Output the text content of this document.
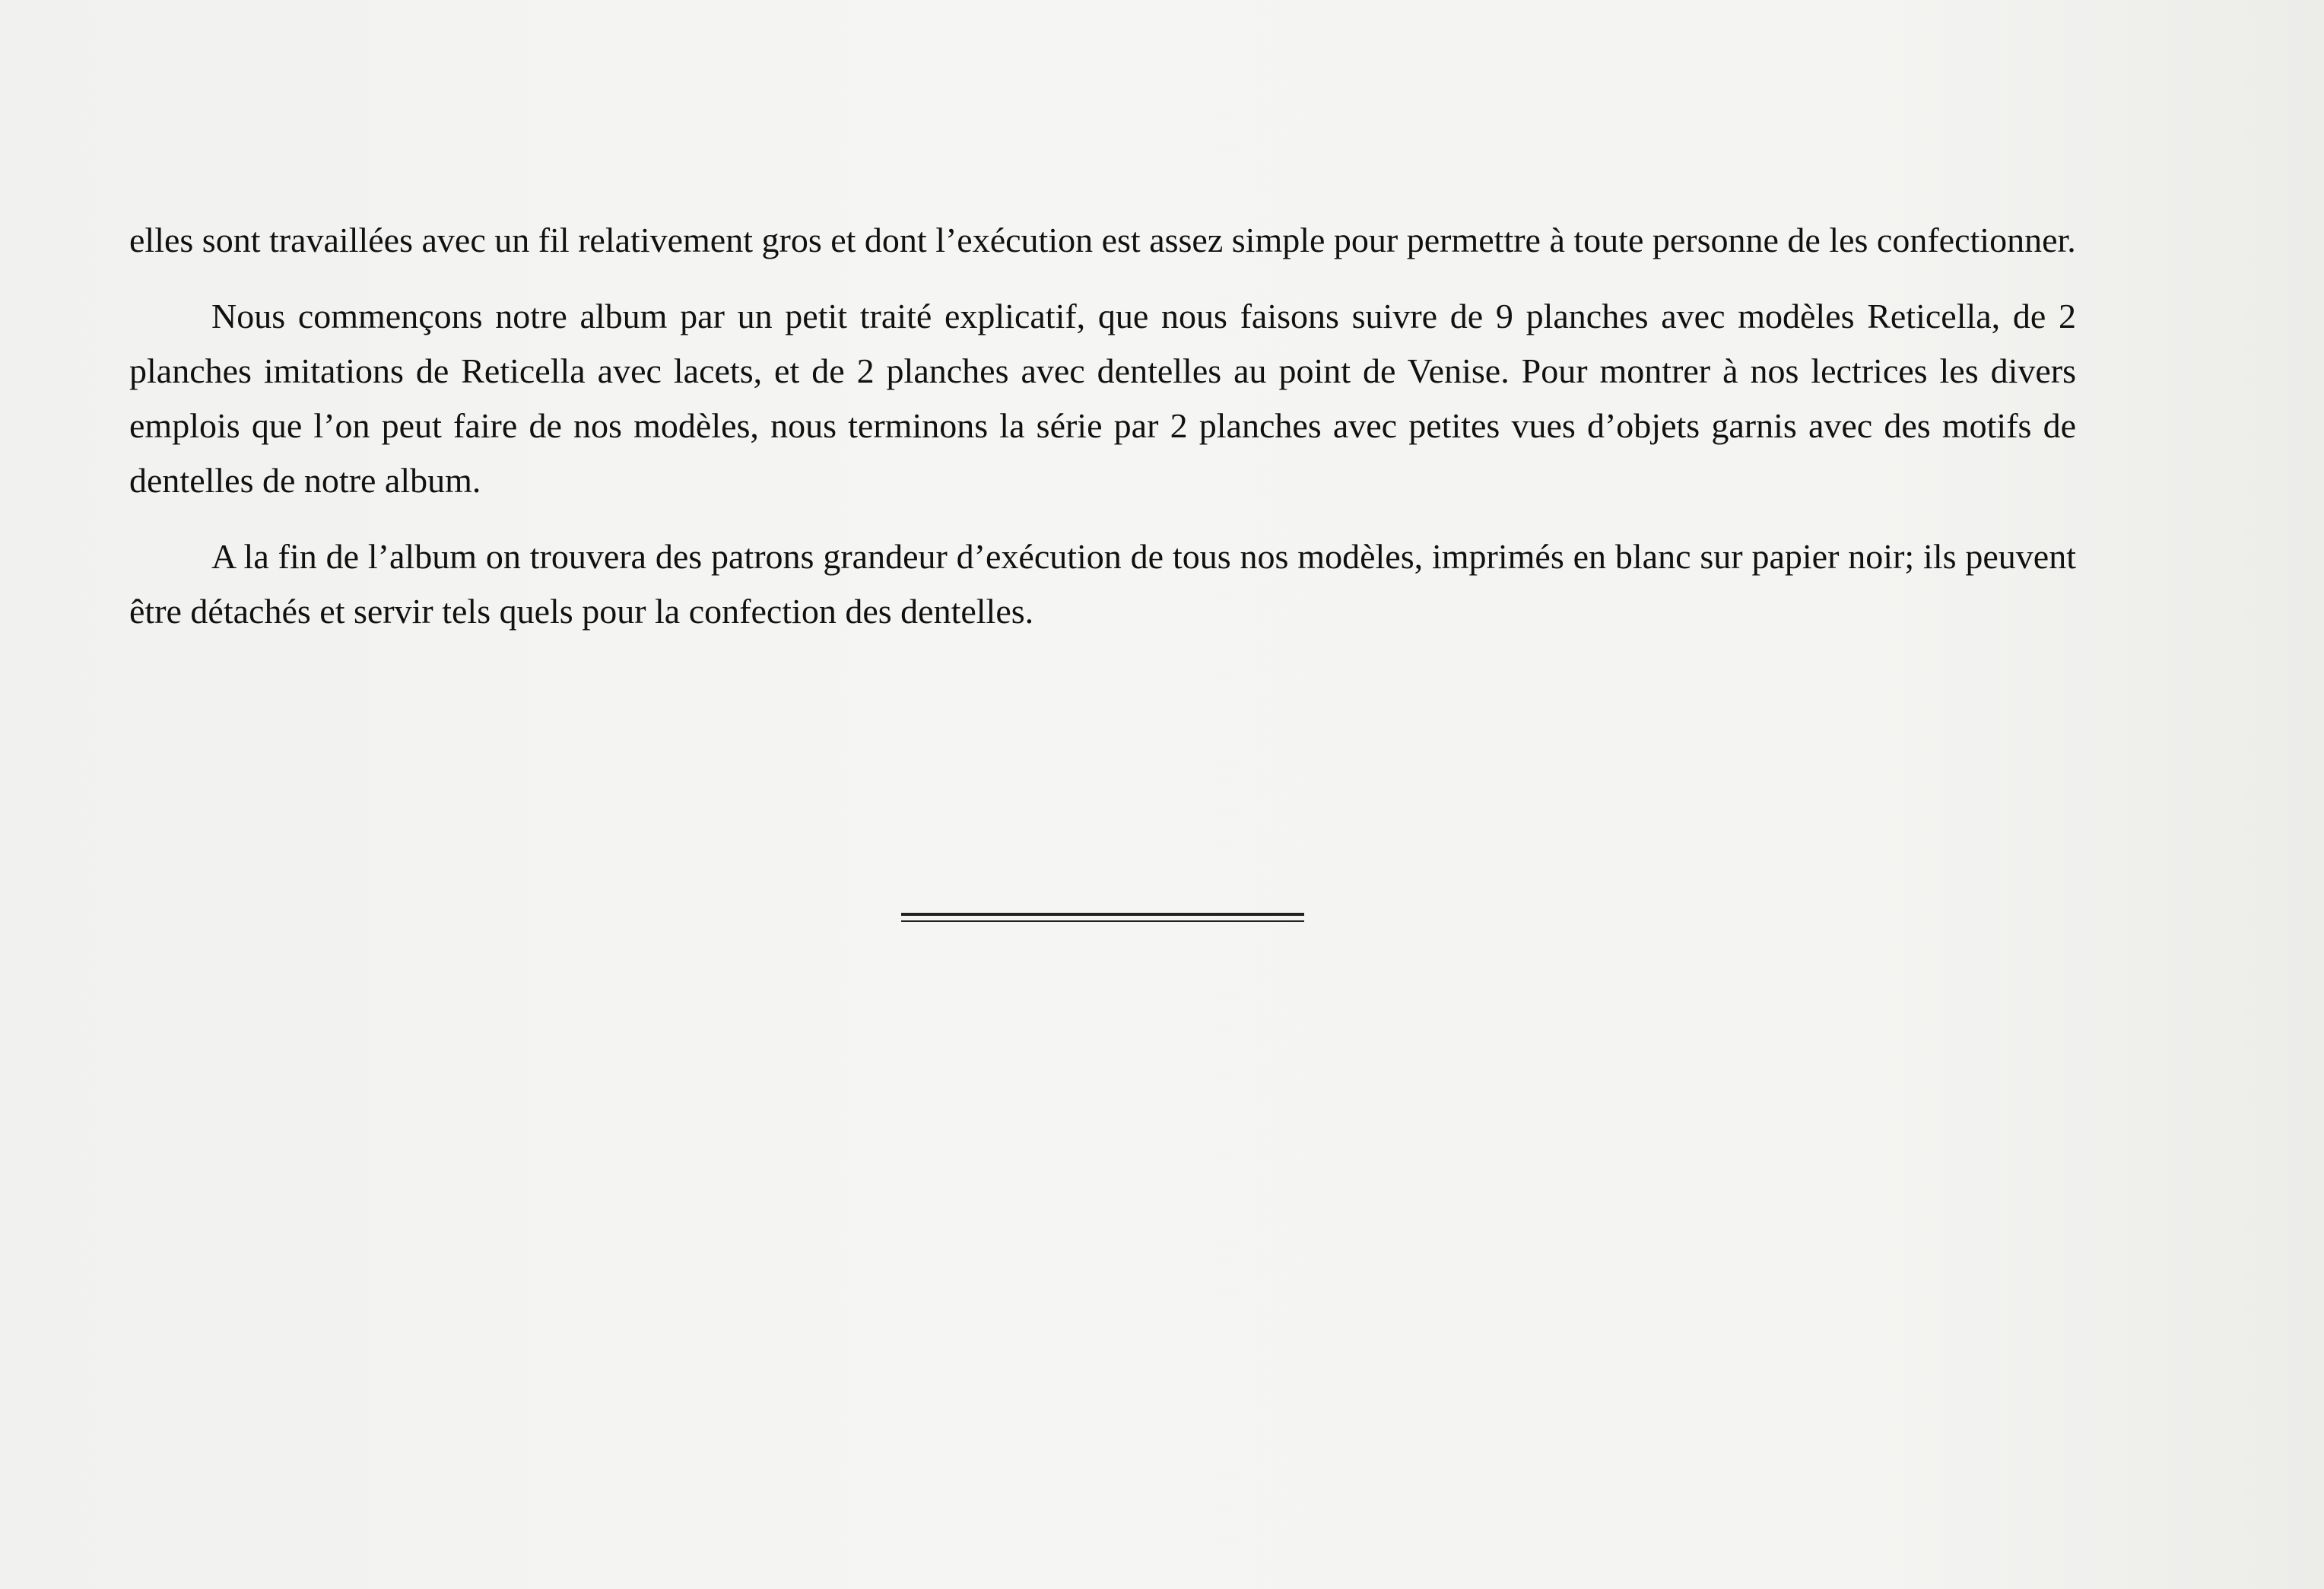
elles sont travaillées avec un fil relativement gros et dont l’exécution est assez simple pour permettre à toute personne de les confectionner.

Nous commençons notre album par un petit traité explicatif, que nous faisons suivre de 9 planches avec modèles Reticella, de 2 planches imitations de Reticella avec lacets, et de 2 planches avec dentelles au point de Venise. Pour montrer à nos lectrices les divers emplois que l’on peut faire de nos modèles, nous terminons la série par 2 planches avec petites vues d’objets garnis avec des motifs de dentelles de notre album.

A la fin de l’album on trouvera des patrons grandeur d’exécution de tous nos modèles, imprimés en blanc sur papier noir; ils peuvent être détachés et servir tels quels pour la confection des dentelles.
